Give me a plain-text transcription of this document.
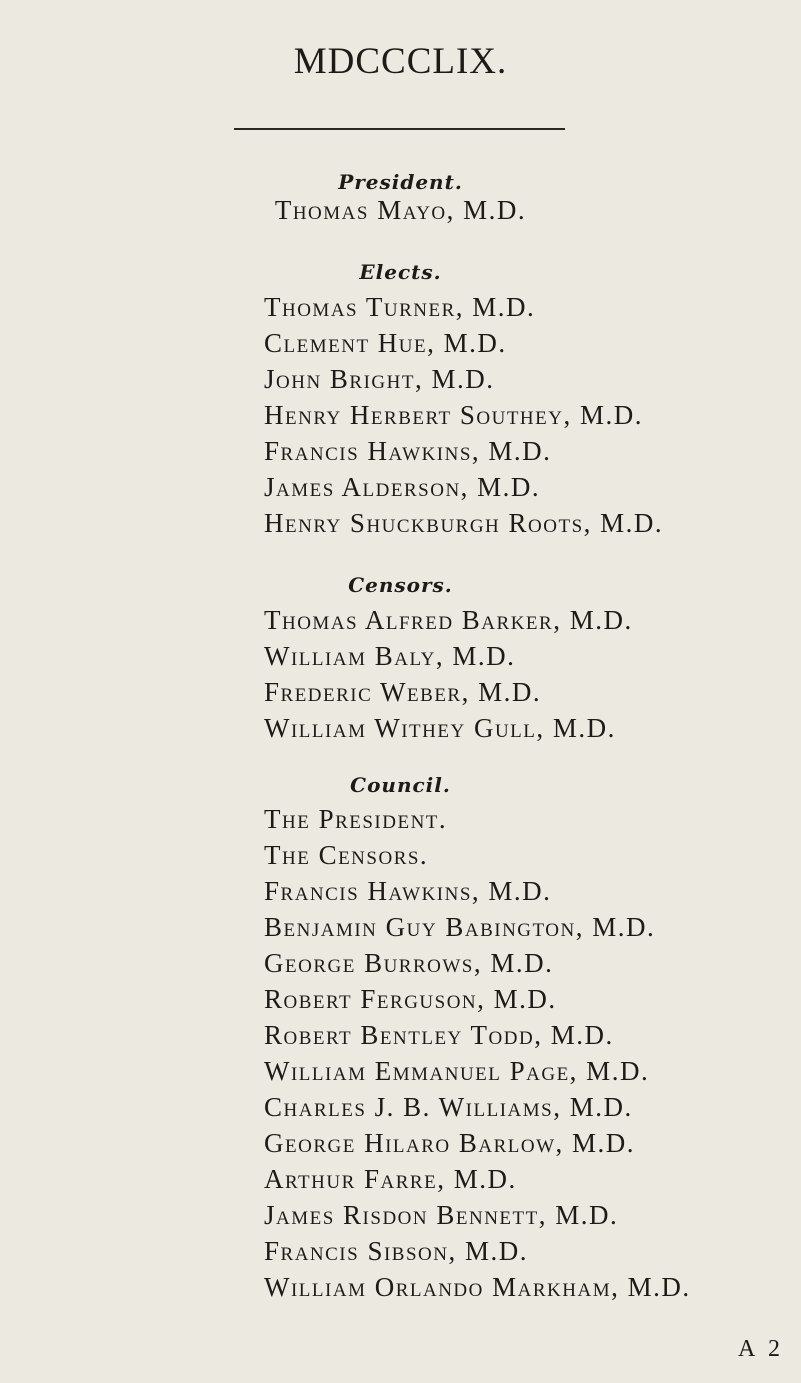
MDCCCLIX.
President.
Thomas Mayo, M.D.
Elects.
Thomas Turner, M.D.
Clement Hue, M.D.
John Bright, M.D.
Henry Herbert Southey, M.D.
Francis Hawkins, M.D.
James Alderson, M.D.
Henry Shuckburgh Roots, M.D.
Censors.
Thomas Alfred Barker, M.D.
William Baly, M.D.
Frederic Weber, M.D.
William Withey Gull, M.D.
Council.
The President.
The Censors.
Francis Hawkins, M.D.
Benjamin Guy Babington, M.D.
George Burrows, M.D.
Robert Ferguson, M.D.
Robert Bentley Todd, M.D.
William Emmanuel Page, M.D.
Charles J. B. Williams, M.D.
George Hilaro Barlow, M.D.
Arthur Farre, M.D.
James Risdon Bennett, M.D.
Francis Sibson, M.D.
William Orlando Markham, M.D.
A 2
